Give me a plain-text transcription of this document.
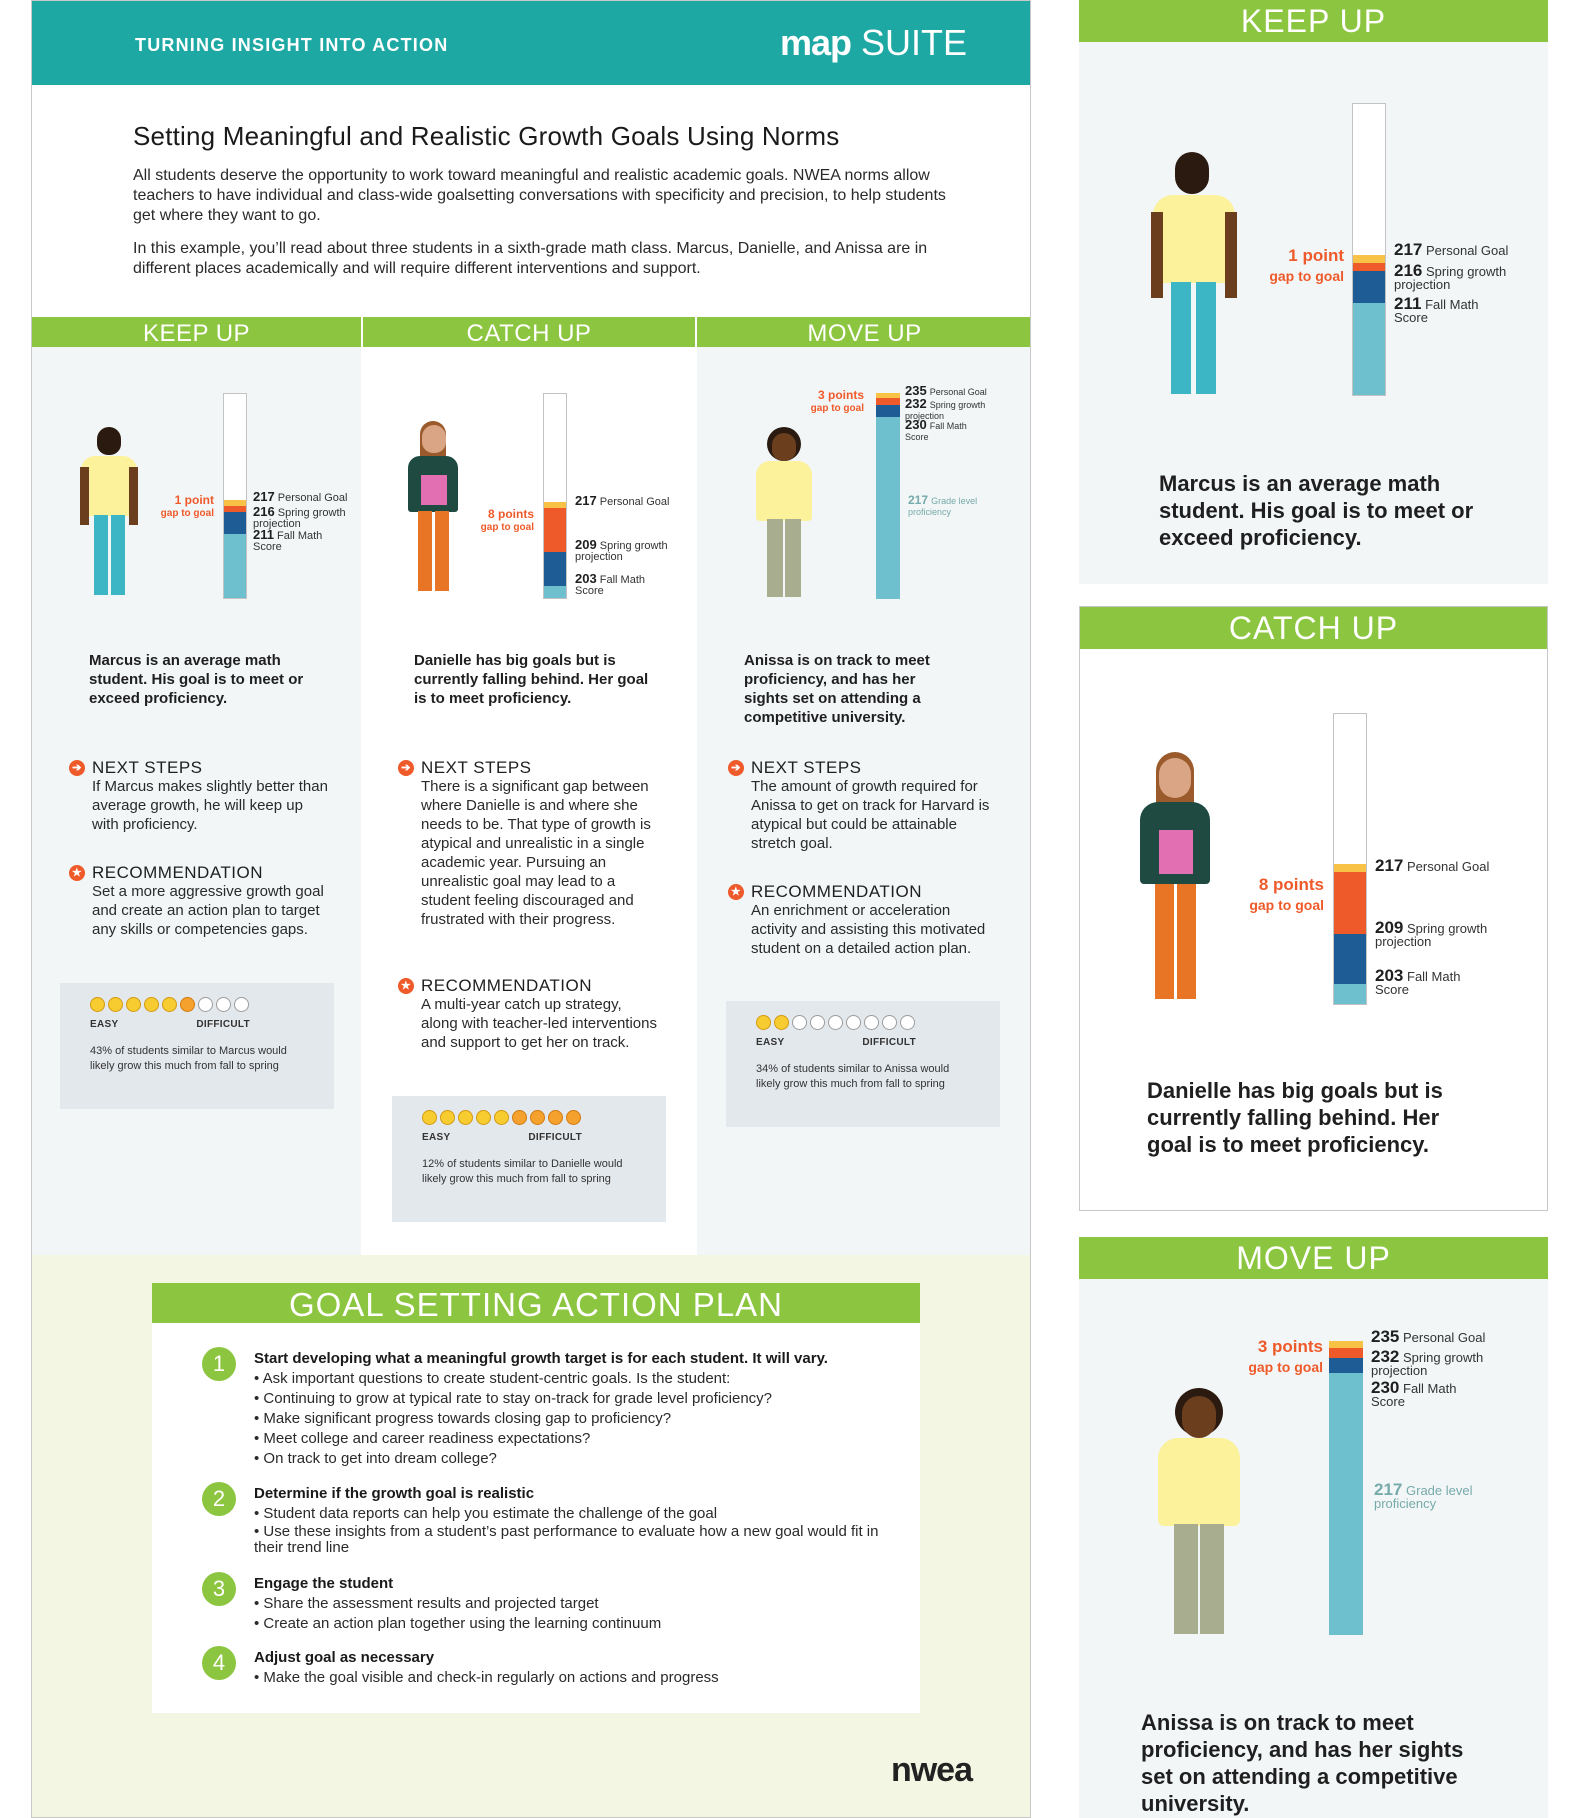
TURNING INSIGHT INTO ACTION	map SUITE
Setting Meaningful and Realistic Growth Goals Using Norms

All students deserve the opportunity to work toward meaningful and realistic academic goals. NWEA norms allow teachers to have individual and class-wide goalsetting conversations with specificity and precision, to help students get where they want to go.

In this example, you’ll read about three students in a sixth-grade math class. Marcus, Danielle, and Anissa are in different places academically and will require different interventions and support.

KEEP UP	CATCH UP	MOVE UP
1 point
gap to goal
217 Personal Goal
216 Spring growth projection
211 Fall Math Score
Marcus is an average math student. His goal is to meet or exceed proficiency.
➔ NEXT STEPS
If Marcus makes slightly better than average growth, he will keep up with proficiency.
★ RECOMMENDATION
Set a more aggressive growth goal and create an action plan to target any skills or competencies gaps.
EASY	DIFFICULT
43% of students similar to Marcus would likely grow this much from fall to spring
8 points
gap to goal
217 Personal Goal
209 Spring growth projection
203 Fall Math Score
Danielle has big goals but is currently falling behind. Her goal is to meet proficiency.
➔ NEXT STEPS
There is a significant gap between where Danielle is and where she needs to be. That type of growth is atypical and unrealistic in a single academic year. Pursuing an unrealistic goal may lead to a student feeling discouraged and frustrated with their progress.
★ RECOMMENDATION
A multi-year catch up strategy, along with teacher-led interventions and support to get her on track.
EASY	DIFFICULT
12% of students similar to Danielle would likely grow this much from fall to spring
3 points
gap to goal
235 Personal Goal
232 Spring growth projection
230 Fall Math Score
217 Grade level proficiency
Anissa is on track to meet proficiency, and has her sights set on attending a competitive university.
➔ NEXT STEPS
The amount of growth required for Anissa to get on track for Harvard is atypical but could be attainable stretch goal.
★ RECOMMENDATION
An enrichment or acceleration activity and assisting this motivated student on a detailed action plan.
EASY	DIFFICULT
34% of students similar to Anissa would likely grow this much from fall to spring
GOAL SETTING ACTION PLAN
1	Start developing what a meaningful growth target is for each student. It will vary.
• Ask important questions to create student-centric goals. Is the student:
• Continuing to grow at typical rate to stay on-track for grade level proficiency?
• Make significant progress towards closing gap to proficiency?
• Meet college and career readiness expectations?
• On track to get into dream college?
2	Determine if the growth goal is realistic
• Student data reports can help you estimate the challenge of the goal
• Use these insights from a student’s past performance to evaluate how a new goal would fit in their trend line
3	Engage the student
• Share the assessment results and projected target
• Create an action plan together using the learning continuum
4	Adjust goal as necessary
• Make the goal visible and check-in regularly on actions and progress
nwea
KEEP UP
1 point
gap to goal
217 Personal Goal
216 Spring growth projection
211 Fall Math Score
Marcus is an average math student. His goal is to meet or exceed proficiency.
CATCH UP
8 points
gap to goal
217 Personal Goal
209 Spring growth projection
203 Fall Math Score
Danielle has big goals but is currently falling behind. Her goal is to meet proficiency.
MOVE UP
3 points
gap to goal
235 Personal Goal
232 Spring growth projection
230 Fall Math Score
217 Grade level proficiency
Anissa is on track to meet proficiency, and has her sights set on attending a competitive university.
